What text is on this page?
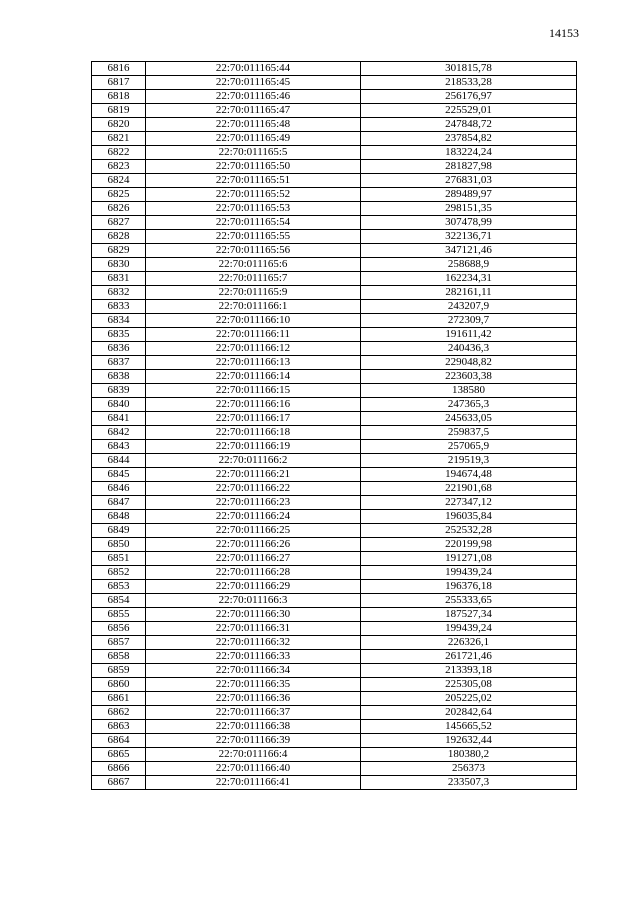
14153
6816	22:70:011165:44	301815,78
6817	22:70:011165:45	218533,28
6818	22:70:011165:46	256176,97
6819	22:70:011165:47	225529,01
6820	22:70:011165:48	247848,72
6821	22:70:011165:49	237854,82
6822	22:70:011165:5	183224,24
6823	22:70:011165:50	281827,98
6824	22:70:011165:51	276831,03
6825	22:70:011165:52	289489,97
6826	22:70:011165:53	298151,35
6827	22:70:011165:54	307478,99
6828	22:70:011165:55	322136,71
6829	22:70:011165:56	347121,46
6830	22:70:011165:6	258688,9
6831	22:70:011165:7	162234,31
6832	22:70:011165:9	282161,11
6833	22:70:011166:1	243207,9
6834	22:70:011166:10	272309,7
6835	22:70:011166:11	191611,42
6836	22:70:011166:12	240436,3
6837	22:70:011166:13	229048,82
6838	22:70:011166:14	223603,38
6839	22:70:011166:15	138580
6840	22:70:011166:16	247365,3
6841	22:70:011166:17	245633,05
6842	22:70:011166:18	259837,5
6843	22:70:011166:19	257065,9
6844	22:70:011166:2	219519,3
6845	22:70:011166:21	194674,48
6846	22:70:011166:22	221901,68
6847	22:70:011166:23	227347,12
6848	22:70:011166:24	196035,84
6849	22:70:011166:25	252532,28
6850	22:70:011166:26	220199,98
6851	22:70:011166:27	191271,08
6852	22:70:011166:28	199439,24
6853	22:70:011166:29	196376,18
6854	22:70:011166:3	255333,65
6855	22:70:011166:30	187527,34
6856	22:70:011166:31	199439,24
6857	22:70:011166:32	226326,1
6858	22:70:011166:33	261721,46
6859	22:70:011166:34	213393,18
6860	22:70:011166:35	225305,08
6861	22:70:011166:36	205225,02
6862	22:70:011166:37	202842,64
6863	22:70:011166:38	145665,52
6864	22:70:011166:39	192632,44
6865	22:70:011166:4	180380,2
6866	22:70:011166:40	256373
6867	22:70:011166:41	233507,3
